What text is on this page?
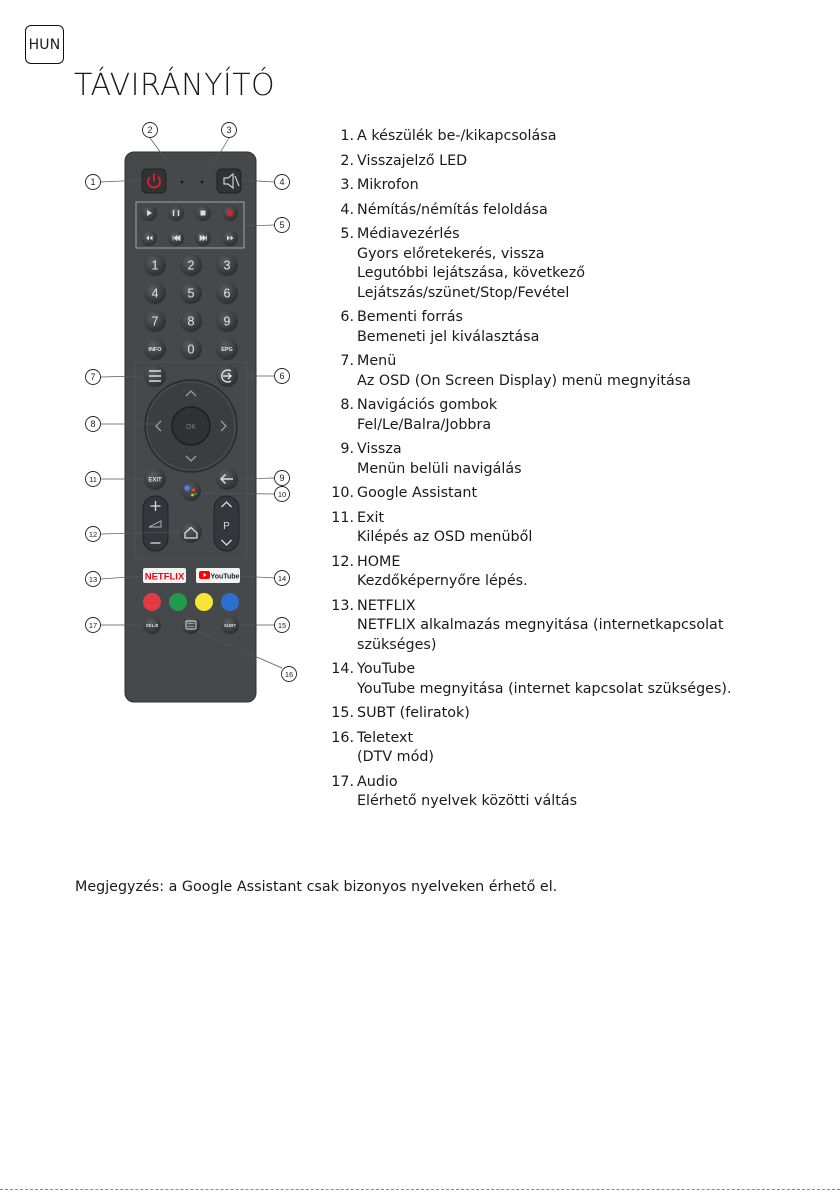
HUN
TÁVIRÁNYÍTÓ
1 2 3
4 5 6
7 8 9
INFO 0	EPG
OK
EXIT
P
NETFLIX	YouTube
SEL/II	SUBT
1
2	3
4
5
6
7
8
9
10
11
12
13	14
15
16
17
1. A készülék be-/kikapcsolása
2. Visszajelző LED
3. Mikrofon
4. Némítás/némítás feloldása
5. Médiavezérlés
Gyors előretekerés, vissza
Legutóbbi lejátszása, következő
Lejátszás/szünet/Stop/Fevétel
6. Bementi forrás
Bemeneti jel kiválasztása
7. Menü
Az OSD (On Screen Display) menü megnyitása
8. Navigációs gombok
Fel/Le/Balra/Jobbra
9. Vissza
Menün belüli navigálás
10. Google Assistant
11. Exit
Kilépés az OSD menüből
12. HOME
Kezdőképernyőre lépés.
13. NETFLIX
NETFLIX alkalmazás megnyitása (internetkapcsolat
szükséges)
14. YouTube
YouTube megnyitása (internet kapcsolat szükséges).
15. SUBT (feliratok)
16. Teletext
(DTV mód)
17. Audio
Elérhető nyelvek közötti váltás

Megjegyzés: a Google Assistant csak bizonyos nyelveken érhető el.
